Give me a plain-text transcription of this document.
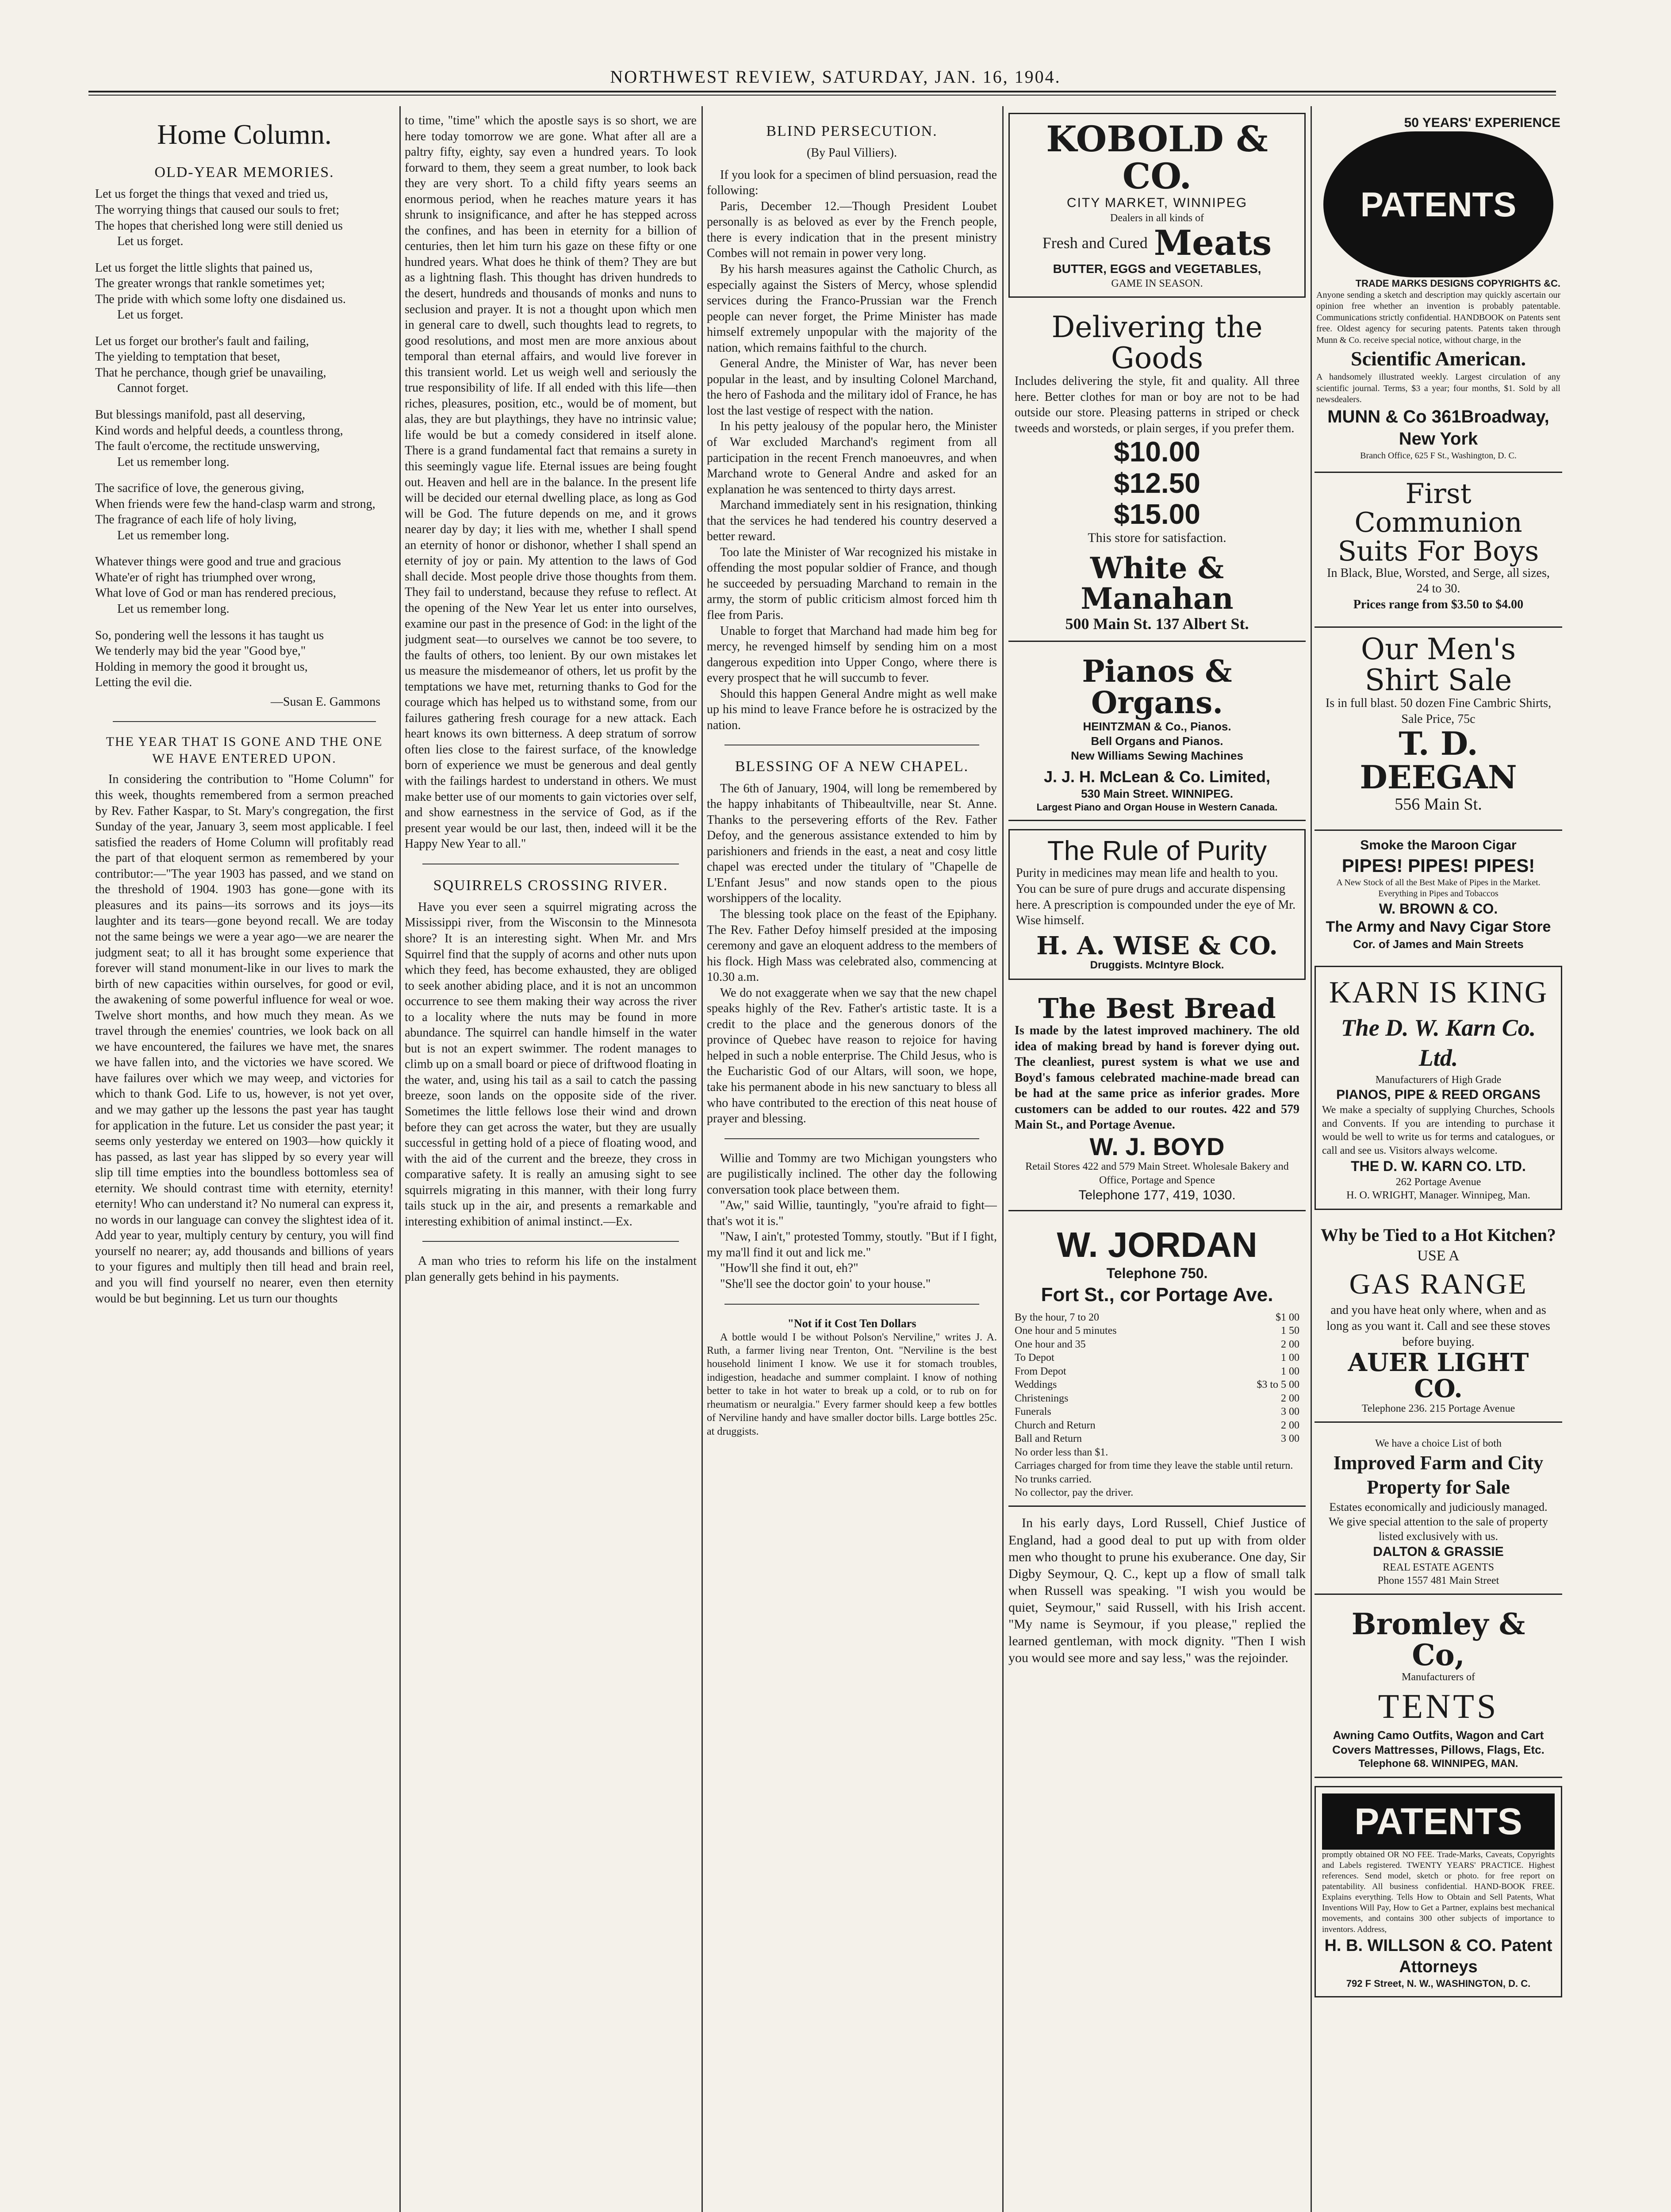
NORTHWEST REVIEW, SATURDAY, JAN. 16, 1904.
Home Column.
OLD-YEAR MEMORIES.
Let us forget the things that vexed and tried us,
The worrying things that caused our souls to fret;
The hopes that cherished long were still denied us
Let us forget.
Let us forget the little slights that pained us,
The greater wrongs that rankle sometimes yet;
The pride with which some lofty one disdained us.
Let us forget.
Let us forget our brother's fault and failing,
The yielding to temptation that beset,
That he perchance, though grief be unavailing,
Cannot forget.
But blessings manifold, past all deserving,
Kind words and helpful deeds, a countless throng,
The fault o'ercome, the rectitude unswerving,
Let us remember long.
The sacrifice of love, the generous giving,
When friends were few the hand-clasp warm and strong,
The fragrance of each life of holy living,
Let us remember long.
Whatever things were good and true and gracious
Whate'er of right has triumphed over wrong,
What love of God or man has rendered precious,
Let us remember long.
So, pondering well the lessons it has taught us
We tenderly may bid the year "Good bye,"
Holding in memory the good it brought us,
Letting the evil die.
—Susan E. Gammons
THE YEAR THAT IS GONE AND THE ONE WE HAVE ENTERED UPON.

In considering the contribution to "Home Column" for this week, thoughts remembered from a sermon preached by Rev. Father Kaspar, to St. Mary's congregation, the first Sunday of the year, January 3, seem most applicable. I feel satisfied the readers of Home Column will profitably read the part of that eloquent sermon as remembered by your contributor:—"The year 1903 has passed, and we stand on the threshold of 1904. 1903 has gone—gone with its pleasures and its pains—its sorrows and its joys—its laughter and its tears—gone beyond recall. We are today not the same beings we were a year ago—we are nearer the judgment seat; to all it has brought some experience that forever will stand monument-like in our lives to mark the birth of new capacities within ourselves, for good or evil, the awakening of some powerful influence for weal or woe. Twelve short months, and how much they mean. As we travel through the enemies' countries, we look back on all we have encountered, the failures we have met, the snares we have fallen into, and the victories we have scored. We have failures over which we may weep, and victories for which to thank God. Life to us, however, is not yet over, and we may gather up the lessons the past year has taught for application in the future. Let us consider the past year; it seems only yesterday we entered on 1903—how quickly it has passed, as last year has slipped by so every year will slip till time empties into the boundless bottomless sea of eternity. We should contrast time with eternity, eternity! eternity! Who can understand it? No numeral can express it, no words in our language can convey the slightest idea of it. Add year to year, multiply century by century, you will find yourself no nearer; ay, add thousands and billions of years to your figures and multiply then till head and brain reel, and you will find yourself no nearer, even then eternity would be but beginning. Let us turn our thoughts

to time, "time" which the apostle says is so short, we are here today tomorrow we are gone. What after all are a paltry fifty, eighty, say even a hundred years. To look forward to them, they seem a great number, to look back they are very short. To a child fifty years seems an enormous period, when he reaches mature years it has shrunk to insignificance, and after he has stepped across the confines, and has been in eternity for a billion of centuries, then let him turn his gaze on these fifty or one hundred years. What does he think of them? They are but as a lightning flash. This thought has driven hundreds to the desert, hundreds and thousands of monks and nuns to seclusion and prayer. It is not a thought upon which men in general care to dwell, such thoughts lead to regrets, to good resolutions, and most men are more anxious about temporal than eternal affairs, and would live forever in this transient world. Let us weigh well and seriously the true responsibility of life. If all ended with this life—then riches, pleasures, position, etc., would be of moment, but alas, they are but playthings, they have no intrinsic value; life would be but a comedy considered in itself alone. There is a grand fundamental fact that remains a surety in this seemingly vague life. Eternal issues are being fought out. Heaven and hell are in the balance. In the present life will be decided our eternal dwelling place, as long as God will be God. The future depends on me, and it grows nearer day by day; it lies with me, whether I shall spend an eternity of honor or dishonor, whether I shall spend an eternity of joy or pain. My attention to the laws of God shall decide. Most people drive those thoughts from them. They fail to understand, because they refuse to reflect. At the opening of the New Year let us enter into ourselves, examine our past in the presence of God: in the light of the judgment seat—to ourselves we cannot be too severe, to the faults of others, too lenient. By our own mistakes let us measure the misdemeanor of others, let us profit by the temptations we have met, returning thanks to God for the courage which has helped us to withstand some, from our failures gathering fresh courage for a new attack. Each heart knows its own bitterness. A deep stratum of sorrow often lies close to the fairest surface, of the knowledge born of experience we must be generous and deal gently with the failings hardest to understand in others. We must make better use of our moments to gain victories over self, and show earnestness in the service of God, as if the present year would be our last, then, indeed will it be the Happy New Year to all."

SQUIRRELS CROSSING RIVER.

Have you ever seen a squirrel migrating across the Mississippi river, from the Wisconsin to the Minnesota shore? It is an interesting sight. When Mr. and Mrs Squirrel find that the supply of acorns and other nuts upon which they feed, has become exhausted, they are obliged to seek another abiding place, and it is not an uncommon occurrence to see them making their way across the river to a locality where the nuts may be found in more abundance. The squirrel can handle himself in the water but is not an expert swimmer. The rodent manages to climb up on a small board or piece of driftwood floating in the water, and, using his tail as a sail to catch the passing breeze, soon lands on the opposite side of the river. Sometimes the little fellows lose their wind and drown before they can get across the water, but they are usually successful in getting hold of a piece of floating wood, and with the aid of the current and the breeze, they cross in comparative safety. It is really an amusing sight to see squirrels migrating in this manner, with their long furry tails stuck up in the air, and presents a remarkable and interesting exhibition of animal instinct.—Ex.

A man who tries to reform his life on the instalment plan generally gets behind in his payments.

BLIND PERSECUTION.
(By Paul Villiers).

If you look for a specimen of blind persuasion, read the following:

Paris, December 12.—Though President Loubet personally is as beloved as ever by the French people, there is every indication that in the present ministry Combes will not remain in power very long.

By his harsh measures against the Catholic Church, as especially against the Sisters of Mercy, whose splendid services during the Franco-Prussian war the French people can never forget, the Prime Minister has made himself extremely unpopular with the majority of the nation, which remains faithful to the church.

General Andre, the Minister of War, has never been popular in the least, and by insulting Colonel Marchand, the hero of Fashoda and the military idol of France, he has lost the last vestige of respect with the nation.

In his petty jealousy of the popular hero, the Minister of War excluded Marchand's regiment from all participation in the recent French manoeuvres, and when Marchand wrote to General Andre and asked for an explanation he was sentenced to thirty days arrest.

Marchand immediately sent in his resignation, thinking that the services he had tendered his country deserved a better reward.

Too late the Minister of War recognized his mistake in offending the most popular soldier of France, and though he succeeded by persuading Marchand to remain in the army, the storm of public criticism almost forced him th flee from Paris.

Unable to forget that Marchand had made him beg for mercy, he revenged himself by sending him on a most dangerous expedition into Upper Congo, where there is every prospect that he will succumb to fever.

Should this happen General Andre might as well make up his mind to leave France before he is ostracized by the nation.

BLESSING OF A NEW CHAPEL.

The 6th of January, 1904, will long be remembered by the happy inhabitants of Thibeaultville, near St. Anne. Thanks to the persevering efforts of the Rev. Father Defoy, and the generous assistance extended to him by parishioners and friends in the east, a neat and cosy little chapel was erected under the titulary of "Chapelle de L'Enfant Jesus" and now stands open to the pious worshippers of the locality.

The blessing took place on the feast of the Epiphany. The Rev. Father Defoy himself presided at the imposing ceremony and gave an eloquent address to the members of his flock. High Mass was celebrated also, commencing at 10.30 a.m.

We do not exaggerate when we say that the new chapel speaks highly of the Rev. Father's artistic taste. It is a credit to the place and the generous donors of the province of Quebec have reason to rejoice for having helped in such a noble enterprise. The Child Jesus, who is the Eucharistic God of our Altars, will soon, we hope, take his permanent abode in his new sanctuary to bless all who have contributed to the erection of this neat house of prayer and blessing.

Willie and Tommy are two Michigan youngsters who are pugilistically inclined. The other day the following conversation took place between them.

"Aw," said Willie, tauntingly, "you're afraid to fight—that's wot it is."

"Naw, I ain't," protested Tommy, stoutly. "But if I fight, my ma'll find it out and lick me."

"How'll she find it out, eh?"

"She'll see the doctor goin' to your house."

"Not if it Cost Ten Dollars

A bottle would I be without Polson's Nerviline," writes J. A. Ruth, a farmer living near Trenton, Ont. "Nerviline is the best household liniment I know. We use it for stomach troubles, indigestion, headache and summer complaint. I know of nothing better to take in hot water to break up a cold, or to rub on for rheumatism or neuralgia." Every farmer should keep a few bottles of Nerviline handy and have smaller doctor bills. Large bottles 25c. at druggists.

KOBOLD & CO.
CITY MARKET, WINNIPEG
Dealers in all kinds of
Fresh and Cured Meats
BUTTER, EGGS and VEGETABLES,
GAME IN SEASON.
Delivering the Goods
Includes delivering the style, fit and quality. All three here. Better clothes for man or boy are not to be had outside our store. Pleasing patterns in striped or check tweeds and worsteds, or plain serges, if you prefer them.
$10.00
$12.50
$15.00
This store for satisfaction.
White & Manahan
500 Main St. 137 Albert St.
Pianos & Organs.
HEINTZMAN & Co., Pianos.
Bell Organs and Pianos.
New Williams Sewing Machines
J. J. H. McLean & Co. Limited,
530 Main Street. WINNIPEG.
Largest Piano and Organ House in Western Canada.
The Rule of Purity
Purity in medicines may mean life and health to you. You can be sure of pure drugs and accurate dispensing here. A prescription is compounded under the eye of Mr. Wise himself.
H. A. WISE & CO.
Druggists. McIntyre Block.
The Best Bread
Is made by the latest improved machinery. The old idea of making bread by hand is forever dying out. The cleanliest, purest system is what we use and Boyd's famous celebrated machine-made bread can be had at the same price as inferior grades. More customers can be added to our routes. 422 and 579 Main St., and Portage Avenue.
W. J. BOYD
Retail Stores 422 and 579 Main Street. Wholesale Bakery and Office, Portage and Spence
Telephone 177, 419, 1030.
W. JORDAN
Telephone 750.
Fort St., cor Portage Ave.
By the hour, 7 to 20	$1 00
One hour and 5 minutes	1 50
One hour and 35	2 00
To Depot	1 00
From Depot	1 00
Weddings	$3 to 5 00
Christenings	2 00
Funerals	3 00
Church and Return	2 00
Ball and Return	3 00
No order less than $1.
Carriages charged for from time they leave the stable until return.
No trunks carried.
No collector, pay the driver.

In his early days, Lord Russell, Chief Justice of England, had a good deal to put up with from older men who thought to prune his exuberance. One day, Sir Digby Seymour, Q. C., kept up a flow of small talk when Russell was speaking. "I wish you would be quiet, Seymour," said Russell, with his Irish accent. "My name is Seymour, if you please," replied the learned gentleman, with mock dignity. "Then I wish you would see more and say less," was the rejoinder.

50 YEARS' EXPERIENCE
PATENTS
TRADE MARKS DESIGNS COPYRIGHTS &C.
Anyone sending a sketch and description may quickly ascertain our opinion free whether an invention is probably patentable. Communications strictly confidential. HANDBOOK on Patents sent free. Oldest agency for securing patents. Patents taken through Munn & Co. receive special notice, without charge, in the
Scientific American.
A handsomely illustrated weekly. Largest circulation of any scientific journal. Terms, $3 a year; four months, $1. Sold by all newsdealers.
MUNN & Co 361Broadway, New York
Branch Office, 625 F St., Washington, D. C.
First Communion Suits For Boys
In Black, Blue, Worsted, and Serge, all sizes, 24 to 30.
Prices range from $3.50 to $4.00
Our Men's Shirt Sale
Is in full blast. 50 dozen Fine Cambric Shirts, Sale Price, 75c
T. D. DEEGAN
556 Main St.
Smoke the Maroon Cigar
PIPES! PIPES! PIPES!
A New Stock of all the Best Make of Pipes in the Market. Everything in Pipes and Tobaccos
W. BROWN & CO.
The Army and Navy Cigar Store
Cor. of James and Main Streets
KARN IS KING
The D. W. Karn Co. Ltd.
Manufacturers of High Grade
PIANOS, PIPE & REED ORGANS
We make a specialty of supplying Churches, Schools and Convents. If you are intending to purchase it would be well to write us for terms and catalogues, or call and see us. Visitors always welcome.
THE D. W. KARN CO. LTD.
262 Portage Avenue
H. O. WRIGHT, Manager. Winnipeg, Man.
Why be Tied to a Hot Kitchen?
USE A
GAS RANGE
and you have heat only where, when and as long as you want it. Call and see these stoves before buying.
AUER LIGHT CO.
Telephone 236. 215 Portage Avenue
We have a choice List of both
Improved Farm and City Property for Sale
Estates economically and judiciously managed. We give special attention to the sale of property listed exclusively with us.
DALTON & GRASSIE
REAL ESTATE AGENTS
Phone 1557 481 Main Street
Bromley & Co,
Manufacturers of
TENTS
Awning Camo Outfits, Wagon and Cart Covers Mattresses, Pillows, Flags, Etc.
Telephone 68. WINNIPEG, MAN.
PATENTS
promptly obtained OR NO FEE. Trade-Marks, Caveats, Copyrights and Labels registered. TWENTY YEARS' PRACTICE. Highest references. Send model, sketch or photo. for free report on patentability. All business confidential. HAND-BOOK FREE. Explains everything. Tells How to Obtain and Sell Patents, What Inventions Will Pay, How to Get a Partner, explains best mechanical movements, and contains 300 other subjects of importance to inventors. Address,
H. B. WILLSON & CO. Patent Attorneys
792 F Street, N. W., WASHINGTON, D. C.
